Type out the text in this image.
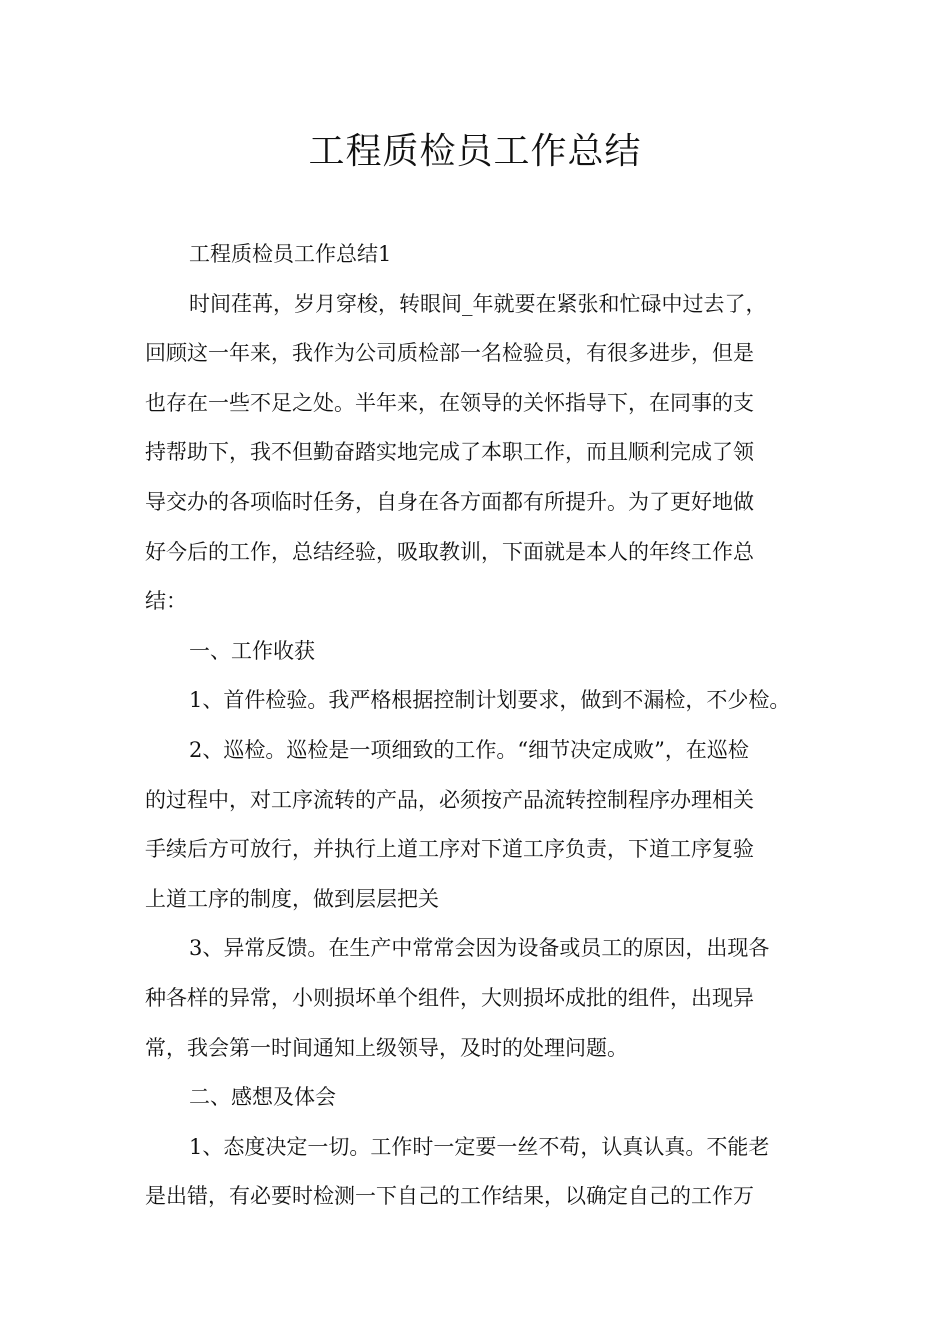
工程质检员工作总结
工程质检员工作总结1
时间荏苒，岁月穿梭，转眼间_年就要在紧张和忙碌中过去了，
回顾这一年来，我作为公司质检部一名检验员，有很多进步，但是
也存在一些不足之处。半年来，在领导的关怀指导下，在同事的支
持帮助下，我不但勤奋踏实地完成了本职工作，而且顺利完成了领
导交办的各项临时任务，自身在各方面都有所提升。为了更好地做
好今后的工作，总结经验，吸取教训，下面就是本人的年终工作总
结：
一、工作收获
1、首件检验。我严格根据控制计划要求，做到不漏检，不少检。
2、巡检。巡检是一项细致的工作。“细节决定成败”，在巡检
的过程中，对工序流转的产品，必须按产品流转控制程序办理相关
手续后方可放行，并执行上道工序对下道工序负责，下道工序复验
上道工序的制度，做到层层把关
3、异常反馈。在生产中常常会因为设备或员工的原因，出现各
种各样的异常，小则损坏单个组件，大则损坏成批的组件，出现异
常，我会第一时间通知上级领导，及时的处理问题。
二、感想及体会
1、态度决定一切。工作时一定要一丝不苟，认真认真。不能老
是出错，有必要时检测一下自己的工作结果，以确定自己的工作万
